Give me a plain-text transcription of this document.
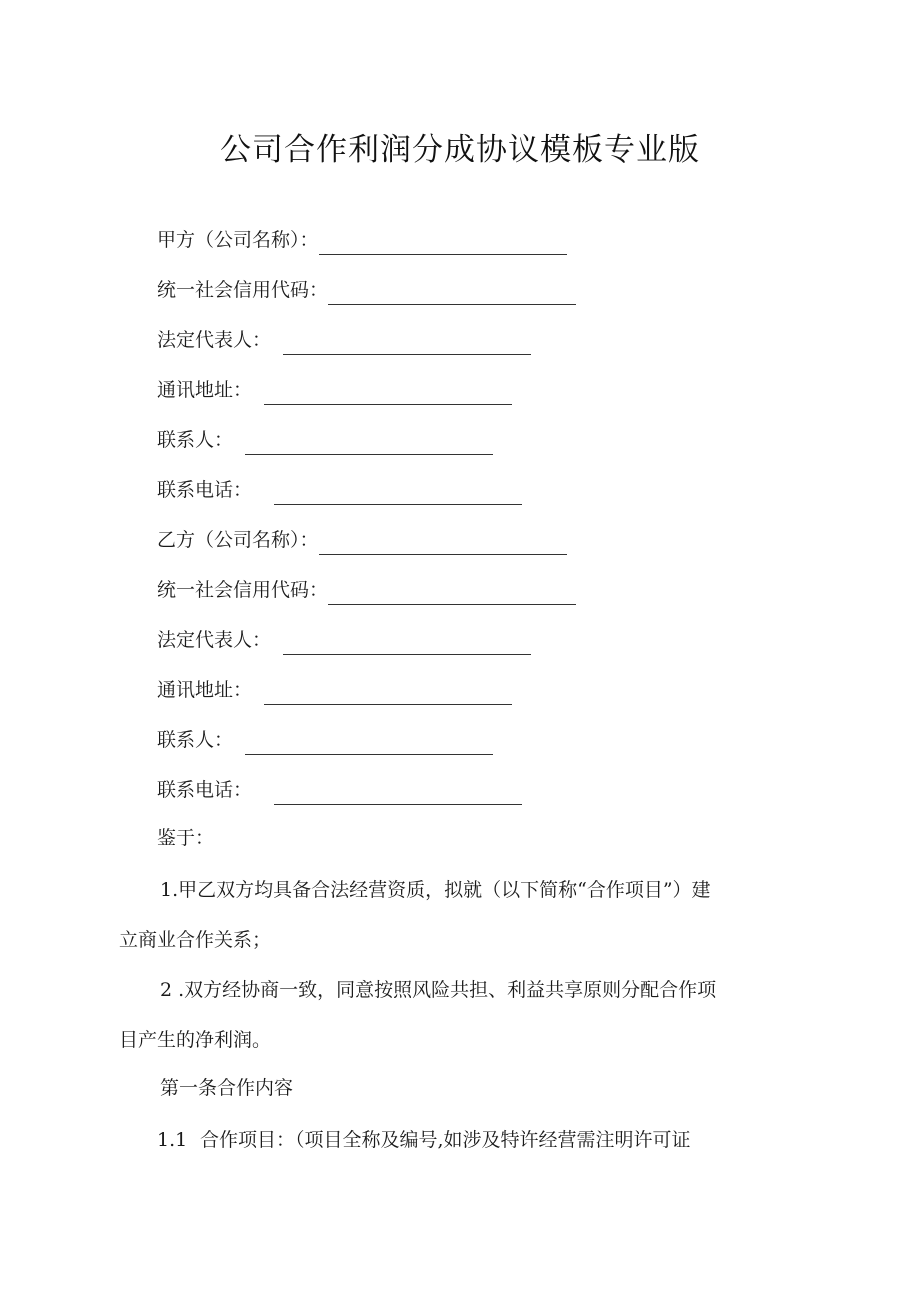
公司合作利润分成协议模板专业版
甲方（公司名称）：
统一社会信用代码：
法定代表人：
通讯地址：
联系人：
联系电话：
乙方（公司名称）：
统一社会信用代码：
法定代表人：
通讯地址：
联系人：
联系电话：
鉴于：
1.甲乙双方均具备合法经营资质，拟就（以下简称“合作项目”）建
立商业合作关系；
2 .双方经协商一致，同意按照风险共担、利益共享原则分配合作项
目产生的净利润。
第一条合作内容
1.1 合作项目：（项目全称及编号,如涉及特许经营需注明许可证
